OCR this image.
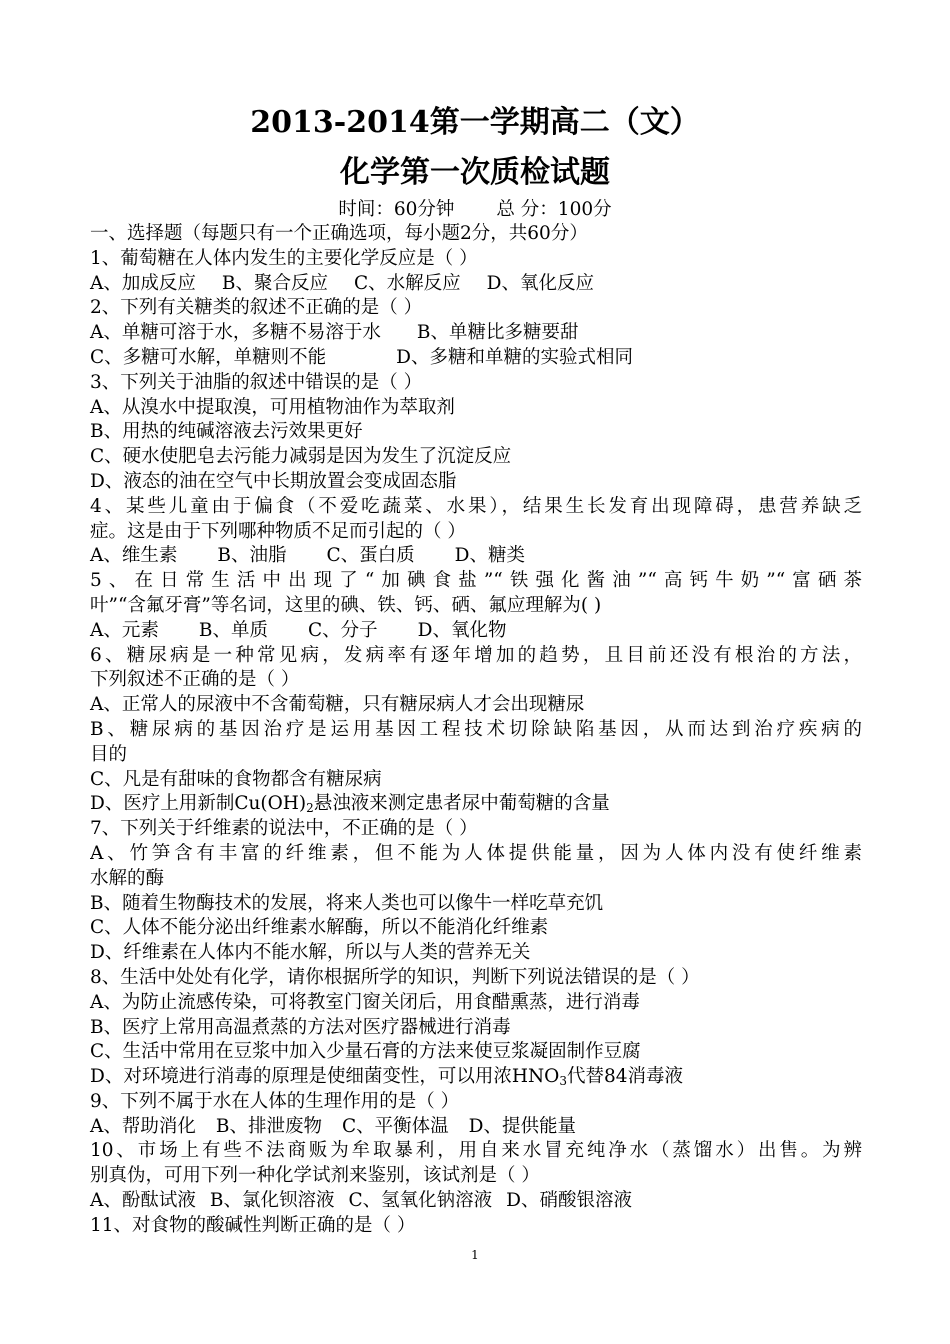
2013-2014第一学期高二（文）
化学第一次质检试题
时间：60分钟 总 分：100分
一、选择题（每题只有一个正确选项，每小题2分，共60分）
1、葡萄糖在人体内发生的主要化学反应是（ ）
A、加成反应 B、聚合反应 C、水解反应 D、氧化反应
2、下列有关糖类的叙述不正确的是（ ）
A、单糖可溶于水，多糖不易溶于水 B、单糖比多糖要甜
C、多糖可水解，单糖则不能	D、多糖和单糖的实验式相同
3、下列关于油脂的叙述中错误的是（ ）
A、从溴水中提取溴，可用植物油作为萃取剂
B、用热的纯碱溶液去污效果更好
C、硬水使肥皂去污能力减弱是因为发生了沉淀反应
D、液态的油在空气中长期放置会变成固态脂
4、某些儿童由于偏食（不爱吃蔬菜、水果），结果生长发育出现障碍，患营养缺乏
症。这是由于下列哪种物质不足而引起的（ ）
A、维生素 B、油脂 C、蛋白质 D、糖类
5、在日常生活中出现了“加碘食盐”“铁强化酱油”“高钙牛奶”“富硒茶
叶”“含氟牙膏”等名词，这里的碘、铁、钙、硒、氟应理解为( )
A、元素 B、单质 C、分子 D、氧化物
6、糖尿病是一种常见病，发病率有逐年增加的趋势，且目前还没有根治的方法，
下列叙述不正确的是（ ）
A、正常人的尿液中不含葡萄糖，只有糖尿病人才会出现糖尿
B、糖尿病的基因治疗是运用基因工程技术切除缺陷基因，从而达到治疗疾病的
目的
C、凡是有甜味的食物都含有糖尿病
D、医疗上用新制$Cu(OH)_2$悬浊液来测定患者尿中葡萄糖的含量
7、下列关于纤维素的说法中，不正确的是（ ）
A、竹笋含有丰富的纤维素，但不能为人体提供能量，因为人体内没有使纤维素
水解的酶
B、随着生物酶技术的发展，将来人类也可以像牛一样吃草充饥
C、人体不能分泌出纤维素水解酶，所以不能消化纤维素
D、纤维素在人体内不能水解，所以与人类的营养无关
8、生活中处处有化学，请你根据所学的知识，判断下列说法错误的是（ ）
A、为防止流感传染，可将教室门窗关闭后，用食醋熏蒸，进行消毒
B、医疗上常用高温煮蒸的方法对医疗器械进行消毒
C、生活中常用在豆浆中加入少量石膏的方法来使豆浆凝固制作豆腐
D、对环境进行消毒的原理是使细菌变性，可以用浓$HNO_3$代替84消毒液
9、下列不属于水在人体的生理作用的是（ ）
A、帮助消化 B、排泄废物 C、平衡体温 D、提供能量
10、市场上有些不法商贩为牟取暴利，用自来水冒充纯净水（蒸馏水）出售。为辨
别真伪，可用下列一种化学试剂来鉴别，该试剂是（ ）
A、酚酞试液 B、氯化钡溶液 C、氢氧化钠溶液 D、硝酸银溶液
11、对食物的酸碱性判断正确的是（ ）
1
